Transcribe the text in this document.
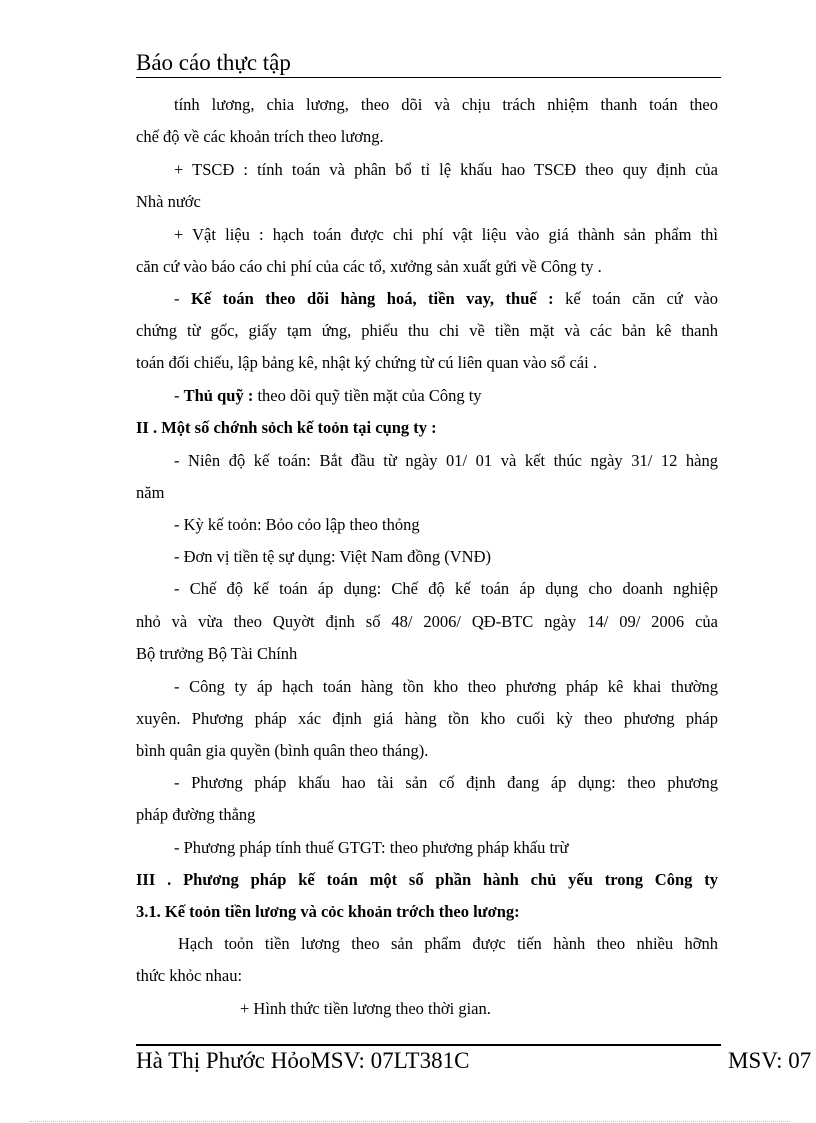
Báo cáo thực tập
tính lương, chia lương, theo dõi và chịu trách nhiệm thanh toán theo
chế độ về các khoản trích theo lương.
+ TSCĐ : tính toán và phân bổ tỉ lệ khấu hao TSCĐ theo quy định của
Nhà nước
+ Vật liệu : hạch toán được chi phí vật liệu vào giá thành sản phẩm thì
căn cứ vào báo cáo chi phí của các tổ, xưởng sản xuất gửi về Công ty .
- Kế toán theo dõi hàng hoá, tiền vay, thuế : kế toán căn cứ vào
chứng từ gốc, giấy tạm ứng, phiếu thu chi về tiền mặt và các bản kê thanh
toán đối chiếu, lập bảng kê, nhật ký chứng từ cú liên quan vào sổ cái .
- Thủ quỹ : theo dõi quỹ tiền mặt của Công ty
II . Một số chớnh sỏch kế toỏn tại cụng ty :
- Niên độ kế toán: Bắt đầu từ ngày 01/ 01 và kết thúc ngày 31/ 12 hàng
năm
- Kỳ kế toỏn: Bỏo cỏo lập theo thỏng
- Đơn vị tiền tệ sự dụng: Việt Nam đồng (VNĐ)
- Chế độ kế toán áp dụng: Chế độ kế toán áp dụng cho doanh nghiệp
nhỏ và vừa theo Quyờt định số 48/ 2006/ QĐ-BTC ngày 14/ 09/ 2006 của
Bộ trưởng Bộ Tài Chính
- Công ty áp hạch toán hàng tồn kho theo phương pháp kê khai thường
xuyên. Phương pháp xác định giá hàng tồn kho cuối kỳ theo phương pháp
bình quân gia quyền (bình quân theo tháng).
- Phương pháp khấu hao tài sản cố định đang áp dụng: theo phương
pháp đường thẳng
- Phương pháp tính thuế GTGT: theo phương pháp khấu trừ
III . Phương pháp kế toán một số phần hành chủ yếu trong Công ty
3.1. Kế toỏn tiền lương và cỏc khoản trớch theo lương:
Hạch toỏn tiền lương theo sản phẩm được tiến hành theo nhiều hỡnh
thức khỏc nhau:
+ Hình thức tiền lương theo thời gian.
Hà Thị Phước HỏoMSV: 07LT381C	MSV: 07
